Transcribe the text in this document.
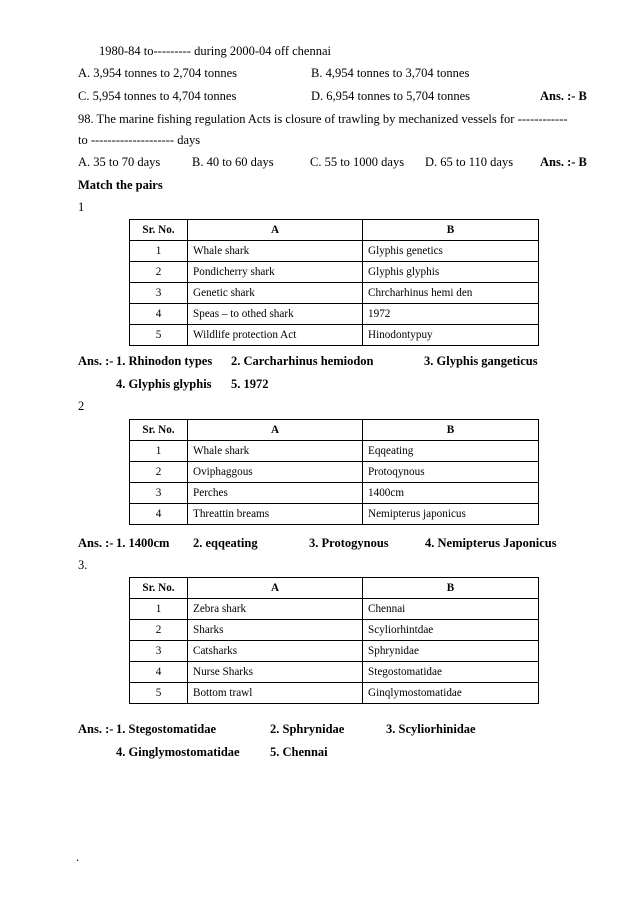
1980-84 to--------- during 2000-04 off chennai
A. 3,954 tonnes to 2,704 tonnes	B. 4,954 tonnes to 3,704 tonnes
C. 5,954 tonnes to 4,704 tonnes	D. 6,954 tonnes to 5,704 tonnes	Ans. :- B
98. The marine fishing regulation Acts is closure of trawling by mechanized vessels for ------------
to -------------------- days
A. 35 to 70 days	B. 40 to 60 days	C. 55 to 1000 days D. 65 to 110 days Ans. :- B
Match the pairs
1
Sr. No.	A	B
1	Whale shark	Glyphis genetics
2	Pondicherry shark	Glyphis glyphis
3	Genetic shark	Chrcharhinus hemi den
4	Speas – to othed shark	1972
5	Wildlife protection Act	Hinodontypuy
Ans. :- 1. Rhinodon types 2. Carcharhinus hemiodon	3. Glyphis gangeticus
4. Glyphis glyphis 5. 1972
2
Sr. No.	A	B
1	Whale shark	Eqqeating
2	Oviphaggous	Protoqynous
3	Perches	1400cm
4	Threattin breams	Nemipterus japonicus
Ans. :- 1. 1400cm 2. eqqeating	3. Protogynous	4. Nemipterus Japonicus
3.
Sr. No.	A	B
1	Zebra shark	Chennai
2	Sharks	Scyliorhintdae
3	Catsharks	Sphrynidae
4	Nurse Sharks	Stegostomatidae
5	Bottom trawl	Ginqlymostomatidae
Ans. :- 1. Stegostomatidae	2. Sphrynidae	3. Scyliorhinidae
4. Ginglymostomatidae 5. Chennai
.
